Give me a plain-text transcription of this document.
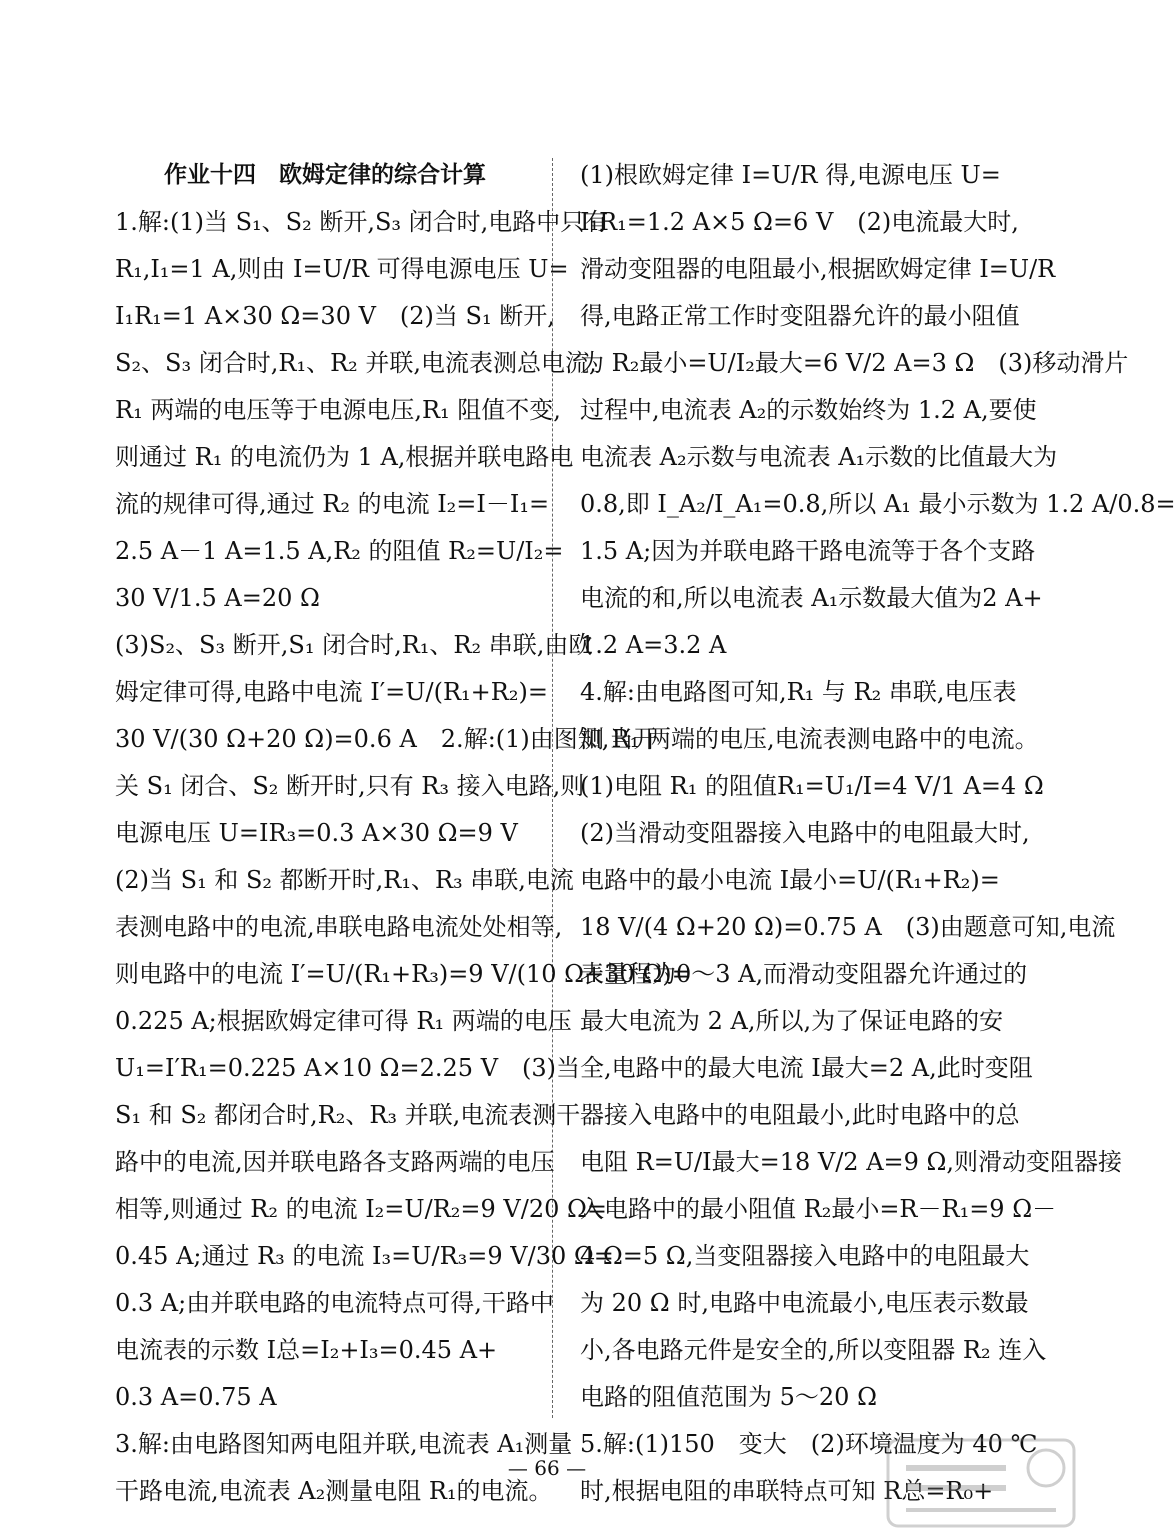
作业十四　欧姆定律的综合计算
1.解:(1)当 S₁、S₂ 断开,S₃ 闭合时,电路中只有
R₁,I₁=1 A,则由 I=U/R 可得电源电压 U=
I₁R₁=1 A×30 Ω=30 V　(2)当 S₁ 断开,
S₂、S₃ 闭合时,R₁、R₂ 并联,电流表测总电流,
R₁ 两端的电压等于电源电压,R₁ 阻值不变,
则通过 R₁ 的电流仍为 1 A,根据并联电路电
流的规律可得,通过 R₂ 的电流 I₂=I－I₁=
2.5 A－1 A=1.5 A,R₂ 的阻值 R₂=U/I₂=
30 V/1.5 A=20 Ω
(3)S₂、S₃ 断开,S₁ 闭合时,R₁、R₂ 串联,由欧
姆定律可得,电路中电流 I′=U/(R₁+R₂)=
30 V/(30 Ω+20 Ω)=0.6 A　2.解:(1)由图知,当开
关 S₁ 闭合、S₂ 断开时,只有 R₃ 接入电路,则
电源电压 U=IR₃=0.3 A×30 Ω=9 V
(2)当 S₁ 和 S₂ 都断开时,R₁、R₃ 串联,电流
表测电路中的电流,串联电路电流处处相等,
则电路中的电流 I′=U/(R₁+R₃)=9 V/(10 Ω+30 Ω)=
0.225 A;根据欧姆定律可得 R₁ 两端的电压
U₁=I′R₁=0.225 A×10 Ω=2.25 V　(3)当
S₁ 和 S₂ 都闭合时,R₂、R₃ 并联,电流表测干
路中的电流,因并联电路各支路两端的电压
相等,则通过 R₂ 的电流 I₂=U/R₂=9 V/20 Ω=
0.45 A;通过 R₃ 的电流 I₃=U/R₃=9 V/30 Ω=
0.3 A;由并联电路的电流特点可得,干路中
电流表的示数 I总=I₂+I₃=0.45 A+
0.3 A=0.75 A
3.解:由电路图知两电阻并联,电流表 A₁测量
干路电流,电流表 A₂测量电阻 R₁的电流。
(1)根欧姆定律 I=U/R 得,电源电压 U=
I₁R₁=1.2 A×5 Ω=6 V　(2)电流最大时,
滑动变阻器的电阻最小,根据欧姆定律 I=U/R
得,电路正常工作时变阻器允许的最小阻值
为 R₂最小=U/I₂最大=6 V/2 A=3 Ω　(3)移动滑片
过程中,电流表 A₂的示数始终为 1.2 A,要使
电流表 A₂示数与电流表 A₁示数的比值最大为
0.8,即 I_A₂/I_A₁=0.8,所以 A₁ 最小示数为 1.2 A/0.8=
1.5 A;因为并联电路干路电流等于各个支路
电流的和,所以电流表 A₁示数最大值为2 A+
1.2 A=3.2 A
4.解:由电路图可知,R₁ 与 R₂ 串联,电压表
测 R₁ 两端的电压,电流表测电路中的电流。
(1)电阻 R₁ 的阻值R₁=U₁/I=4 V/1 A=4 Ω
(2)当滑动变阻器接入电路中的电阻最大时,
电路中的最小电流 I最小=U/(R₁+R₂)=
18 V/(4 Ω+20 Ω)=0.75 A　(3)由题意可知,电流
表量程为0～3 A,而滑动变阻器允许通过的
最大电流为 2 A,所以,为了保证电路的安
全,电路中的最大电流 I最大=2 A,此时变阻
器接入电路中的电阻最小,此时电路中的总
电阻 R=U/I最大=18 V/2 A=9 Ω,则滑动变阻器接
入电路中的最小阻值 R₂最小=R－R₁=9 Ω－
4 Ω=5 Ω,当变阻器接入电路中的电阻最大
为 20 Ω 时,电路中电流最小,电压表示数最
小,各电路元件是安全的,所以变阻器 R₂ 连入
电路的阻值范围为 5～20 Ω
5.解:(1)150　变大　(2)环境温度为 40 ℃
时,根据电阻的串联特点可知 R总=R₀+
— 66 —
